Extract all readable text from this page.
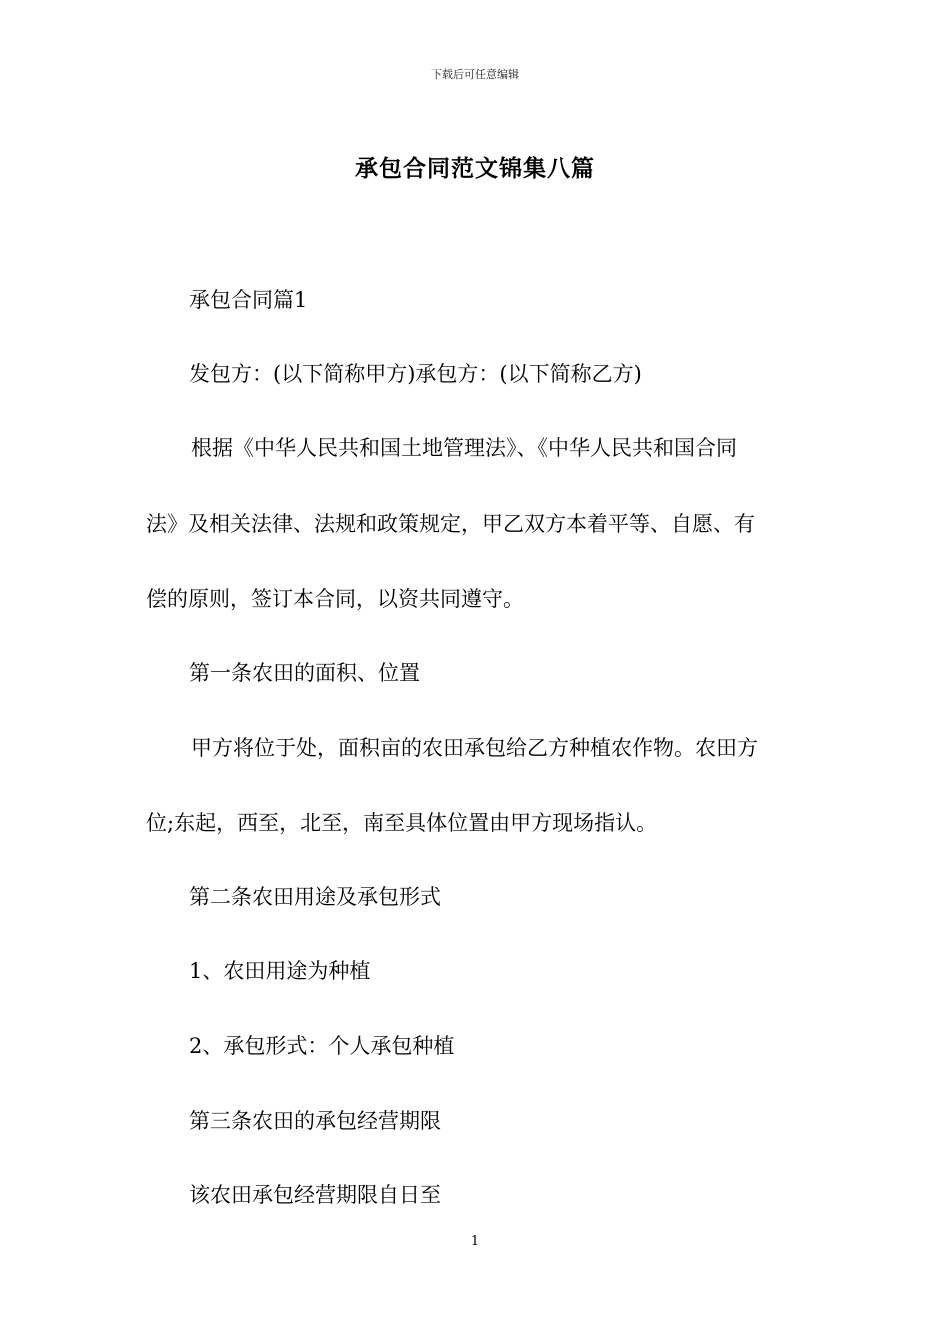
下载后可任意编辑
承包合同范文锦集八篇
承包合同篇1
发包方：(以下简称甲方)承包方：(以下简称乙方)
根据《中华人民共和国土地管理法》、《中华人民共和国合同
法》及相关法律、法规和政策规定，甲乙双方本着平等、自愿、有
偿的原则，签订本合同，以资共同遵守。
第一条农田的面积、位置
甲方将位于处，面积亩的农田承包给乙方种植农作物。农田方
位;东起，西至，北至，南至具体位置由甲方现场指认。
第二条农田用途及承包形式
1、农田用途为种植
2、承包形式：个人承包种植
第三条农田的承包经营期限
该农田承包经营期限自日至
1
